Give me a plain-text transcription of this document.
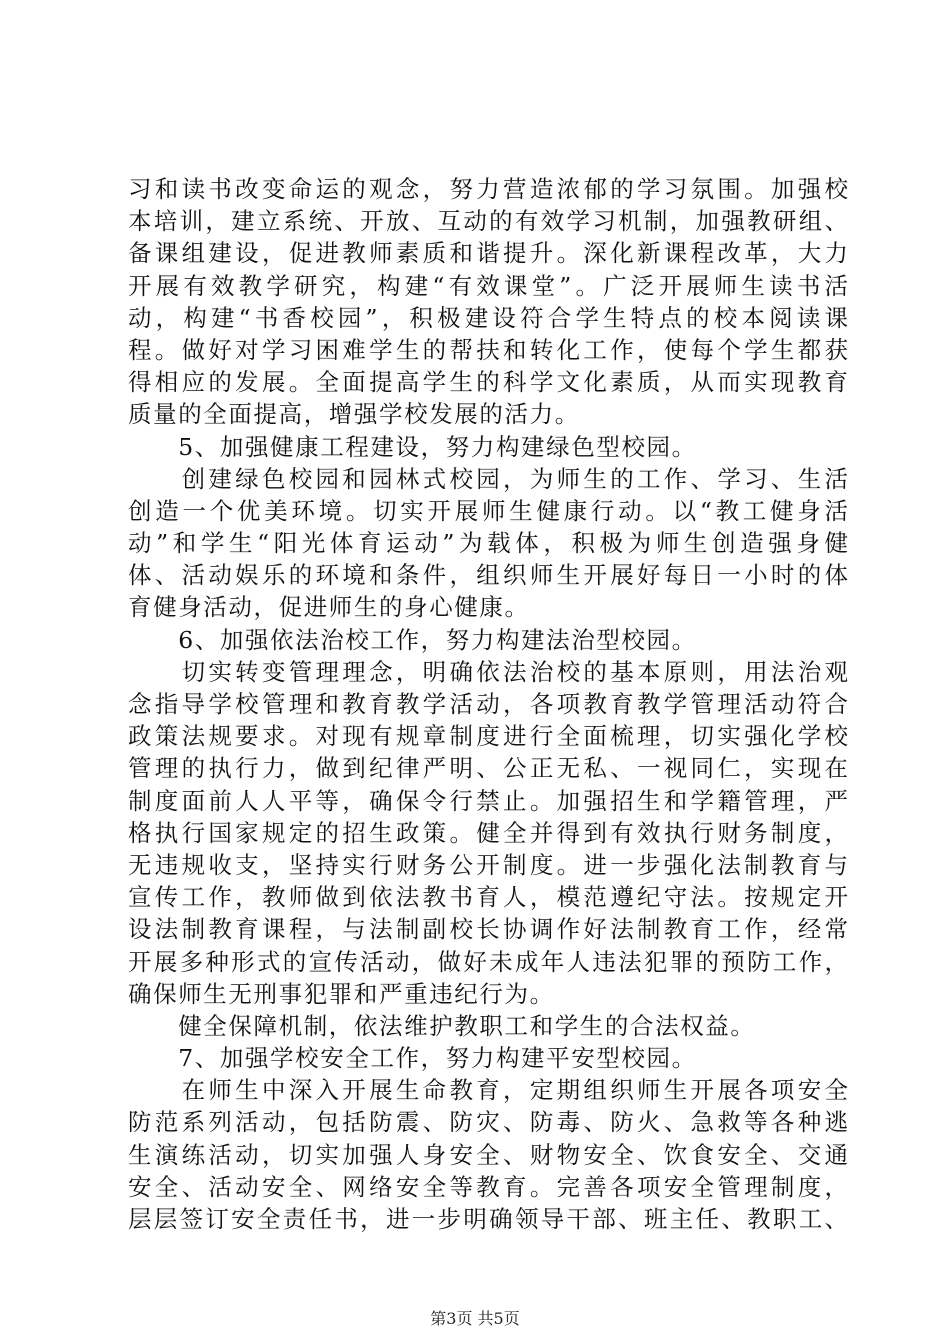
习和读书改变命运的观念，努力营造浓郁的学习氛围。加强校
本培训，建立系统、开放、互动的有效学习机制，加强教研组、
备课组建设，促进教师素质和谐提升。深化新课程改革，大力
开展有效教学研究，构建“有效课堂”。广泛开展师生读书活
动，构建“书香校园”，积极建设符合学生特点的校本阅读课
程。做好对学习困难学生的帮扶和转化工作，使每个学生都获
得相应的发展。全面提高学生的科学文化素质，从而实现教育
质量的全面提高，增强学校发展的活力。
　　5、加强健康工程建设，努力构建绿色型校园。
　　创建绿色校园和园林式校园，为师生的工作、学习、生活
创造一个优美环境。切实开展师生健康行动。以“教工健身活
动”和学生“阳光体育运动”为载体，积极为师生创造强身健
体、活动娱乐的环境和条件，组织师生开展好每日一小时的体
育健身活动，促进师生的身心健康。
　　6、加强依法治校工作，努力构建法治型校园。
　　切实转变管理理念，明确依法治校的基本原则，用法治观
念指导学校管理和教育教学活动，各项教育教学管理活动符合
政策法规要求。对现有规章制度进行全面梳理，切实强化学校
管理的执行力，做到纪律严明、公正无私、一视同仁，实现在
制度面前人人平等，确保令行禁止。加强招生和学籍管理，严
格执行国家规定的招生政策。健全并得到有效执行财务制度，
无违规收支，坚持实行财务公开制度。进一步强化法制教育与
宣传工作，教师做到依法教书育人，模范遵纪守法。按规定开
设法制教育课程，与法制副校长协调作好法制教育工作，经常
开展多种形式的宣传活动，做好未成年人违法犯罪的预防工作，
确保师生无刑事犯罪和严重违纪行为。
　　健全保障机制，依法维护教职工和学生的合法权益。
　　7、加强学校安全工作，努力构建平安型校园。
　　在师生中深入开展生命教育，定期组织师生开展各项安全
防范系列活动，包括防震、防灾、防毒、防火、急救等各种逃
生演练活动，切实加强人身安全、财物安全、饮食安全、交通
安全、活动安全、网络安全等教育。完善各项安全管理制度，
层层签订安全责任书，进一步明确领导干部、班主任、教职工、
第3页 共5页
